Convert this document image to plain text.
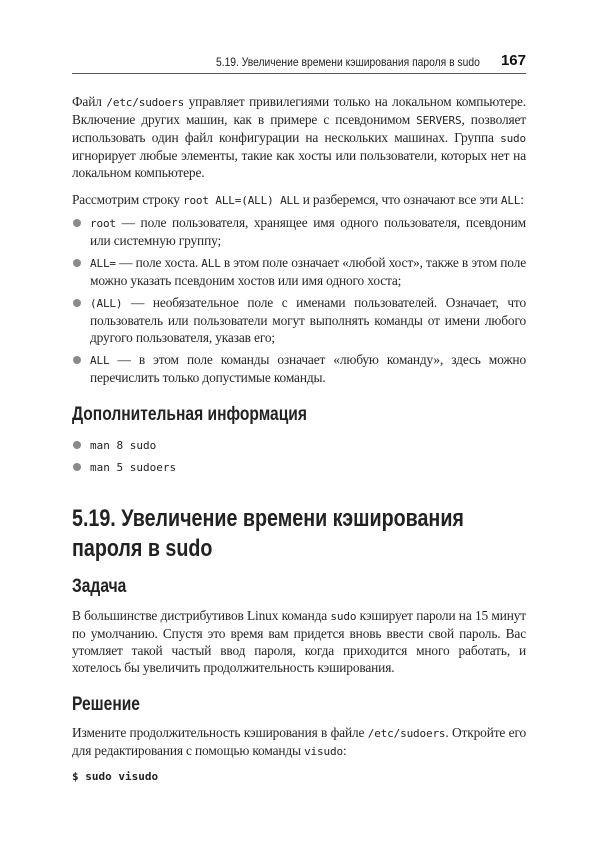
5.19. Увеличение времени кэширования пароля в sudo 167

Файл /etc/sudoers управляет привилегиями только на локальном компьютере. Включение других машин, как в примере с псевдонимом SERVERS, позволяет использовать один файл конфигурации на нескольких машинах. Группа sudo игнорирует любые элементы, такие как хосты или пользователи, которых нет на локальном компьютере.

Рассмотрим строку root ALL=(ALL) ALL и разберемся, что означают все эти ALL:

root — поле пользователя, хранящее имя одного пользователя, псевдоним или системную группу;

ALL= — поле хоста. ALL в этом поле означает «любой хост», также в этом поле можно указать псевдоним хостов или имя одного хоста;

(ALL) — необязательное поле с именами пользователей. Означает, что пользователь или пользователи могут выполнять команды от имени любого другого пользователя, указав его;

ALL — в этом поле команды означает «любую команду», здесь можно перечислить только допустимые команды.

Дополнительная информация
man 8 sudo
man 5 sudoers
5.19. Увеличение времени кэширования
пароля в sudo
Задача

В большинстве дистрибутивов Linux команда sudo кэширует пароли на 15 минут по умолчанию. Спустя это время вам придется вновь ввести свой пароль. Вас утомляет такой частый ввод пароля, когда приходится много работать, и хотелось бы увеличить продолжительность кэширования.

Решение

Измените продолжительность кэширования в файле /etc/sudoers. Откройте его для редактирования с помощью команды visudo:

$ sudo visudo
